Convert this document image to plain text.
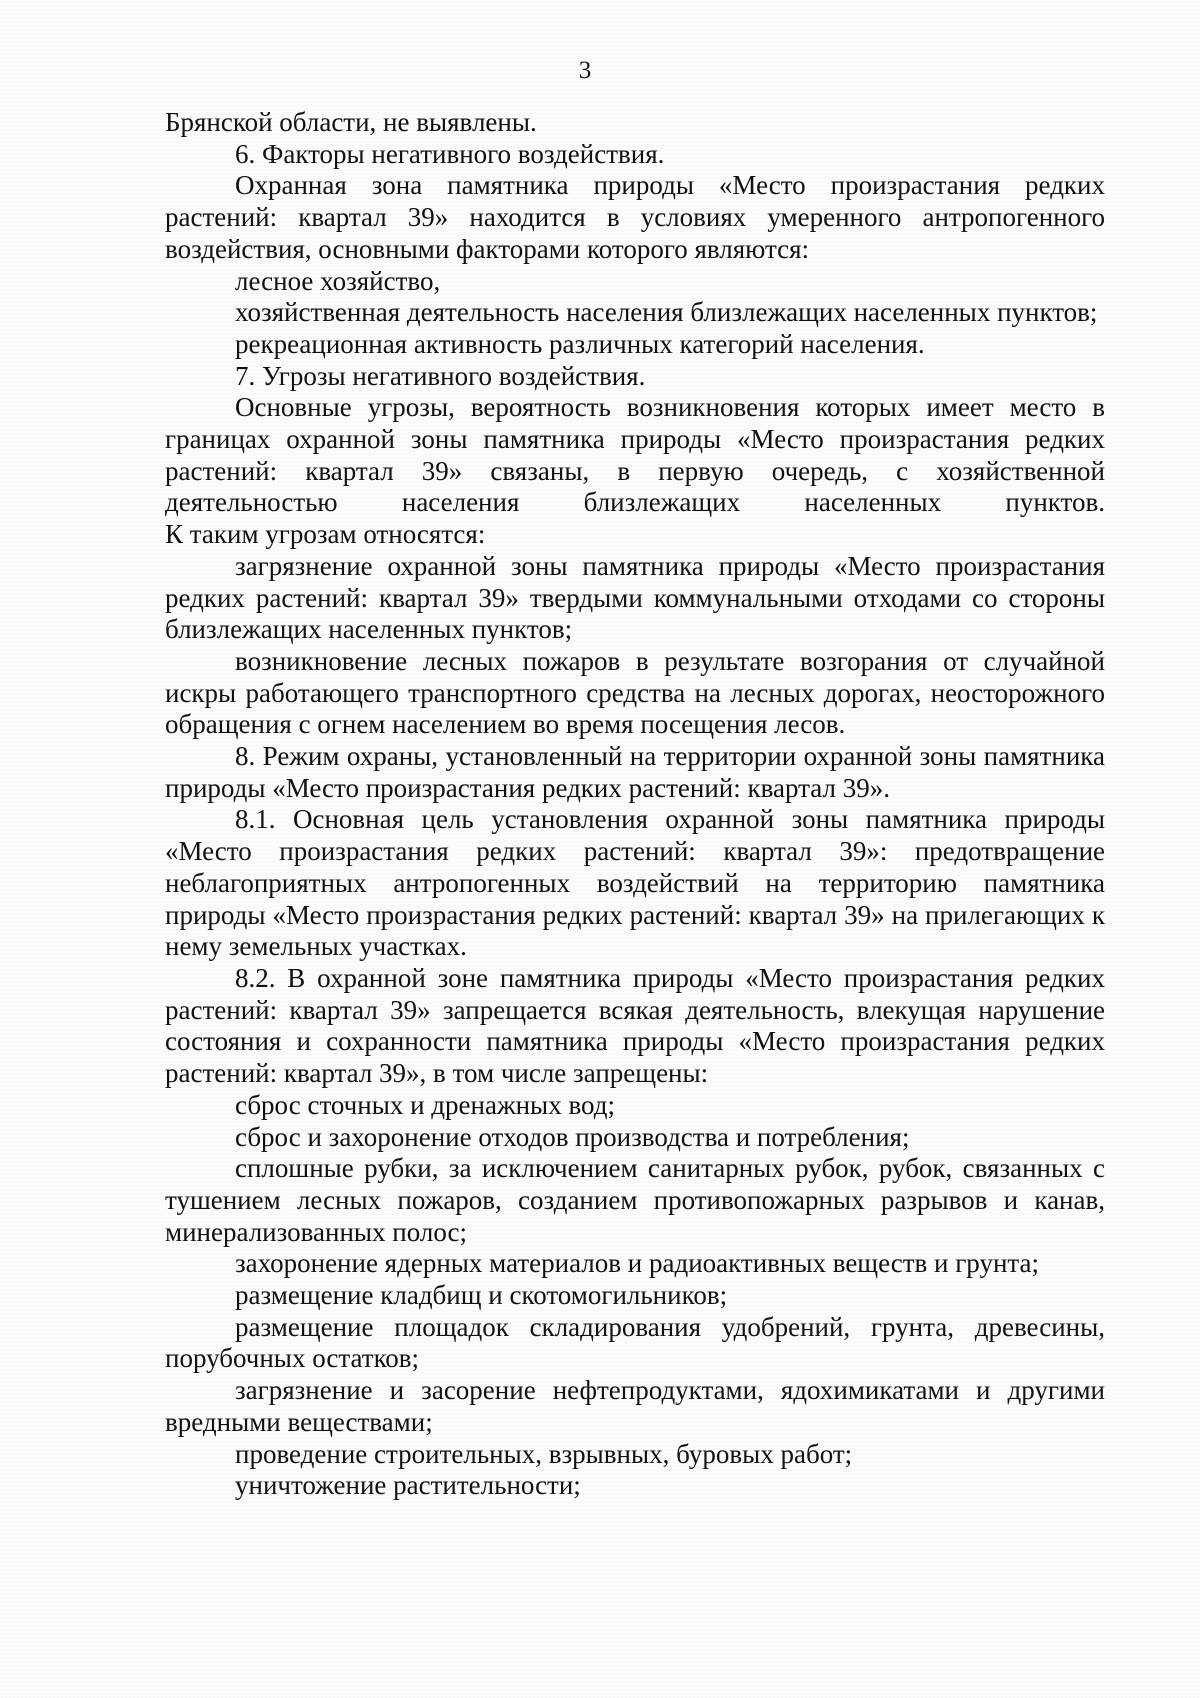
3

Брянской области, не выявлены.

6. Факторы негативного воздействия.

Охранная зона памятника природы «Место произрастания редких растений: квартал 39» находится в условиях умеренного антропогенного воздействия, основными факторами которого являются:

лесное хозяйство,

хозяйственная деятельность населения близлежащих населенных пунктов;

рекреационная активность различных категорий населения.

7. Угрозы негативного воздействия.

Основные угрозы, вероятность возникновения которых имеет место в границах охранной зоны памятника природы «Место произрастания редких растений: квартал 39» связаны, в первую очередь, с хозяйственной деятельностью населения близлежащих населенных пунктов.

К таким угрозам относятся:

загрязнение охранной зоны памятника природы «Место произрастания редких растений: квартал 39» твердыми коммунальными отходами со стороны близлежащих населенных пунктов;

возникновение лесных пожаров в результате возгорания от случайной искры работающего транспортного средства на лесных дорогах, неосторожного обращения с огнем населением во время посещения лесов.

8. Режим охраны, установленный на территории охранной зоны памятника природы «Место произрастания редких растений: квартал 39».

8.1. Основная цель установления охранной зоны памятника природы «Место произрастания редких растений: квартал 39»: предотвращение неблагоприятных антропогенных воздействий на территорию памятника природы «Место произрастания редких растений: квартал 39» на прилегающих к нему земельных участках.

8.2. В охранной зоне памятника природы «Место произрастания редких растений: квартал 39» запрещается всякая деятельность, влекущая нарушение состояния и сохранности памятника природы «Место произрастания редких растений: квартал 39», в том числе запрещены:

сброс сточных и дренажных вод;

сброс и захоронение отходов производства и потребления;

сплошные рубки, за исключением санитарных рубок, рубок, связанных с тушением лесных пожаров, созданием противопожарных разрывов и канав, минерализованных полос;

захоронение ядерных материалов и радиоактивных веществ и грунта;

размещение кладбищ и скотомогильников;

размещение площадок складирования удобрений, грунта, древесины, порубочных остатков;

загрязнение и засорение нефтепродуктами, ядохимикатами и другими вредными веществами;

проведение строительных, взрывных, буровых работ;

уничтожение растительности;
